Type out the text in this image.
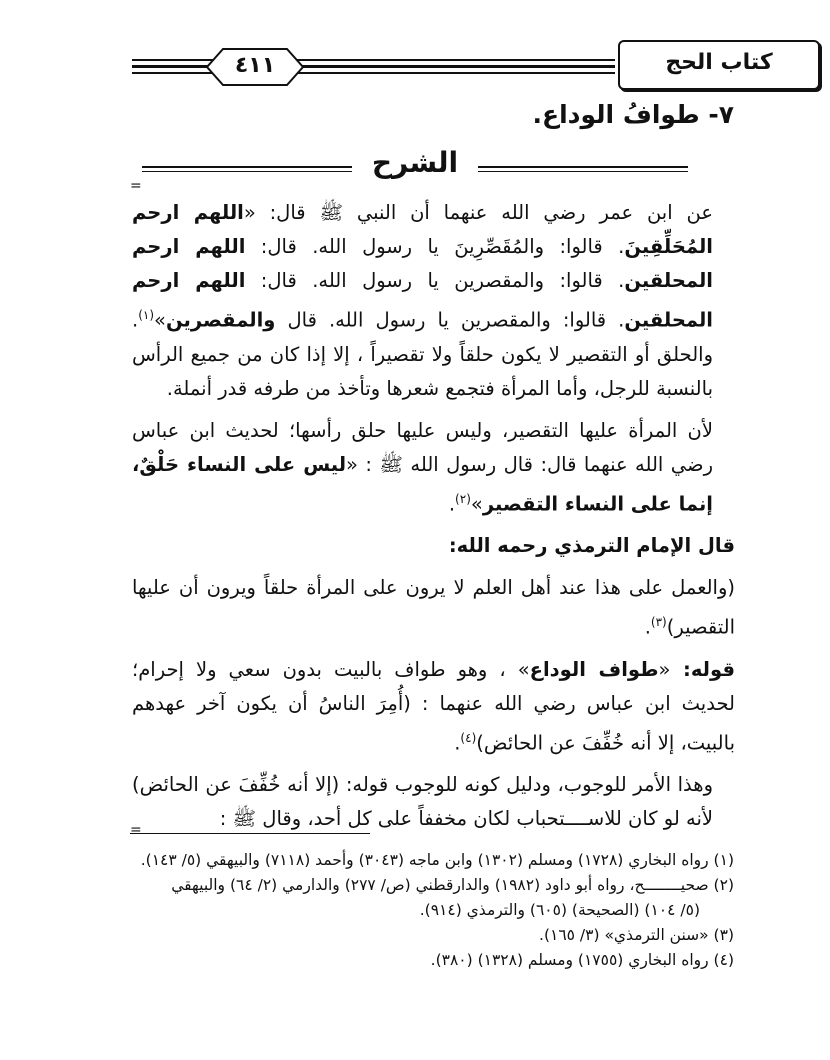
٤١١	كتاب الحج
٧- طوافُ الوداع.
الشرح
=

عن ابن عمر رضي الله عنهما أن النبي ﷺ قال: «اللهم ارحم المُحَلِّقِينَ. قالوا: والمُقَصِّرِينَ يا رسول الله. قال: اللهم ارحم المحلقين. قالوا: والمقصرين يا رسول الله. قال: اللهم ارحم المحلقين. قالوا: والمقصرين يا رسول الله. قال والمقصرين»$^{(١)}$. والحلق أو التقصير لا يكون حلقاً ولا تقصيراً ، إلا إذا كان من جميع الرأس بالنسبة للرجل، وأما المرأة فتجمع شعرها وتأخذ من طرفه قدر أنملة.

لأن المرأة عليها التقصير، وليس عليها حلق رأسها؛ لحديث ابن عباس رضي الله عنهما قال: قال رسول الله ﷺ : «ليس على النساء حَلْقٌ، إنما على النساء التقصير»$^{(٢)}$.

قال الإمام الترمذي رحمه الله:

(والعمل على هذا عند أهل العلم لا يرون على المرأة حلقاً ويرون أن عليها التقصير)$^{(٣)}$.

قوله: «طواف الوداع» ، وهو طواف بالبيت بدون سعي ولا إحرام؛ لحديث ابن عباس رضي الله عنهما : (أُمِرَ الناسُ أن يكون آخر عهدهم بالبيت، إلا أنه خُفِّفَ عن الحائض)$^{(٤)}$.

وهذا الأمر للوجوب، ودليل كونه للوجوب قوله: (إلا أنه خُفِّفَ عن الحائض) لأنه لو كان للاســــتحباب لكان مخففاً على كل أحد، وقال ﷺ :

=
(١) رواه البخاري (١٧٢٨) ومسلم (١٣٠٢) وابن ماجه (٣٠٤٣) وأحمد (٧١١٨) والبيهقي (٥/ ١٤٣).
(٢) صحيــــــــح، رواه أبو داود (١٩٨٢) والدارقطني (ص/ ٢٧٧) والدارمي (٢/ ٦٤) والبيهقي
(٥/ ١٠٤) (الصحيحة) (٦٠٥) والترمذي (٩١٤).
(٣) «سنن الترمذي» (٣/ ١٦٥).
(٤) رواه البخاري (١٧٥٥) ومسلم (١٣٢٨) (٣٨٠).
